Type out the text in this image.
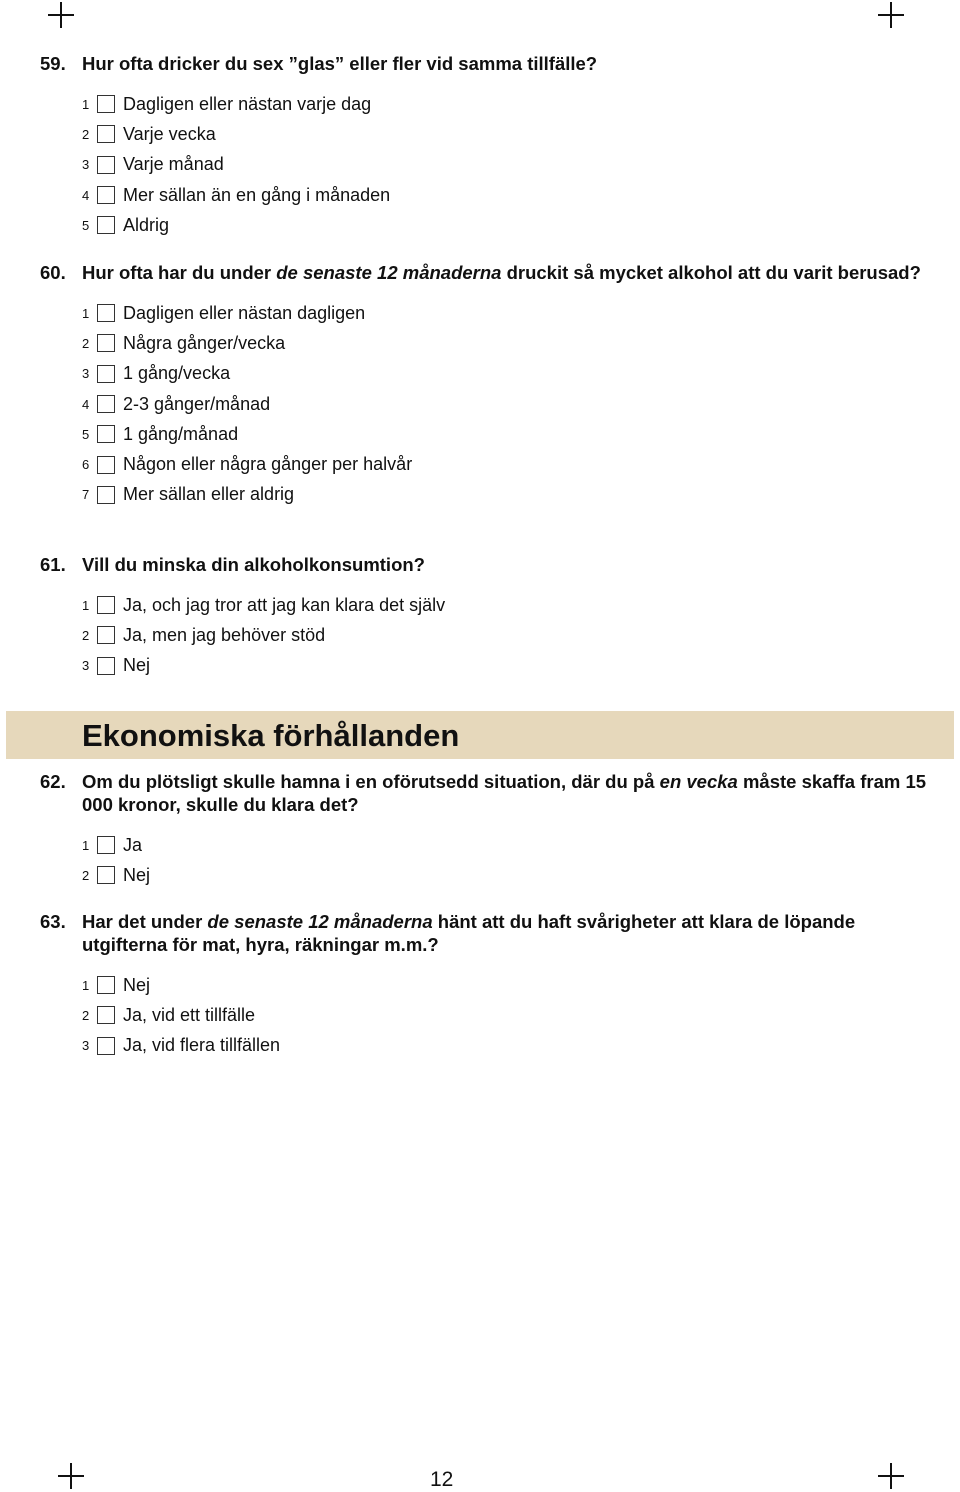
59. Hur ofta dricker du sex ”glas” eller fler vid samma tillfälle?
1	Dagligen eller nästan varje dag
2	Varje vecka
3	Varje månad
4	Mer sällan än en gång i månaden
5	Aldrig
60. Hur ofta har du under de senaste 12 månaderna druckit så mycket alkohol att du varit berusad?
1	Dagligen eller nästan dagligen
2	Några gånger/vecka
3	1 gång/vecka
4	2-3 gånger/månad
5	1 gång/månad
6	Någon eller några gånger per halvår
7	Mer sällan eller aldrig
61. Vill du minska din alkoholkonsumtion?
1	Ja, och jag tror att jag kan klara det själv
2	Ja, men jag behöver stöd
3	Nej
Ekonomiska förhållanden
62. Om du plötsligt skulle hamna i en oförutsedd situation, där du på en vecka måste skaffa fram 15 000 kronor, skulle du klara det?
1	Ja
2	Nej
63. Har det under de senaste 12 månaderna hänt att du haft svårigheter att klara de löpande utgifterna för mat, hyra, räkningar m.m.?
1	Nej
2	Ja, vid ett tillfälle
3	Ja, vid flera tillfällen
12
